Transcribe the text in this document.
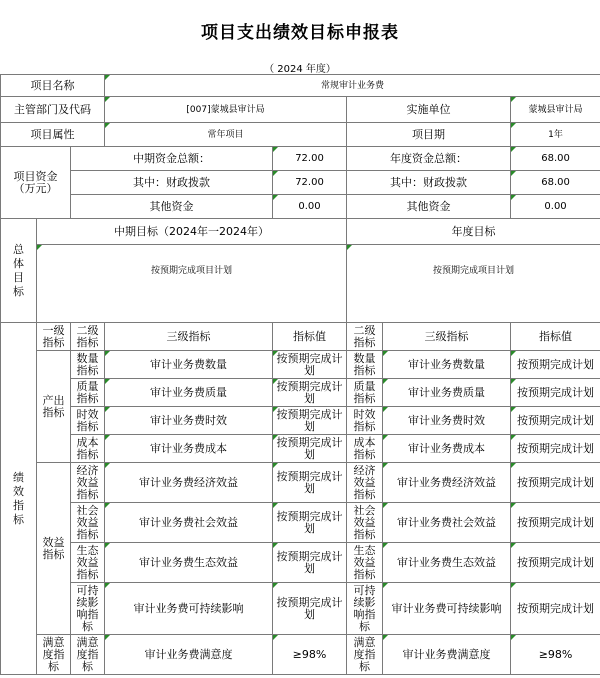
项目支出绩效目标申报表
（ 2024 年度）
项目名称			常规审计业务费				
主管部门及代码			[007]蒙城县审计局		实施单位		蒙城县审计局
项目属性			常年项目		项目期		1年
项目资金（万元）		中期资金总额：		72.00	年度资金总额：		68.00
		其中：财政拨款		72.00	其中：财政拨款		68.00
		其他资金		0.00	其他资金		0.00
总体目标	中期目标（2024年一2024年）				年度目标		
	按预期完成项目计划				按预期完成项目计划		
绩效指标	一级指标	二级指标	三级指标	指标值	二级指标	三级指标	指标值
	产出指标	数量指标	审计业务费数量	按预期完成计划	数量指标	审计业务费数量	按预期完成计划
		质量指标	审计业务费质量	按预期完成计划	质量指标	审计业务费质量	按预期完成计划
		时效指标	审计业务费时效	按预期完成计划	时效指标	审计业务费时效	按预期完成计划
		成本指标	审计业务费成本	按预期完成计划	成本指标	审计业务费成本	按预期完成计划
	效益指标	经济效益指标	审计业务费经济效益	按预期完成计划	经济效益指标	审计业务费经济效益	按预期完成计划
		社会效益指标	审计业务费社会效益	按预期完成计划	社会效益指标	审计业务费社会效益	按预期完成计划
		生态效益指标	审计业务费生态效益	按预期完成计划	生态效益指标	审计业务费生态效益	按预期完成计划
		可持续影响指标	审计业务费可持续影响	按预期完成计划	可持续影响指标	审计业务费可持续影响	按预期完成计划
	满意度指标	满意度指标	审计业务费满意度	≥98%	满意度指标	审计业务费满意度	≥98%
